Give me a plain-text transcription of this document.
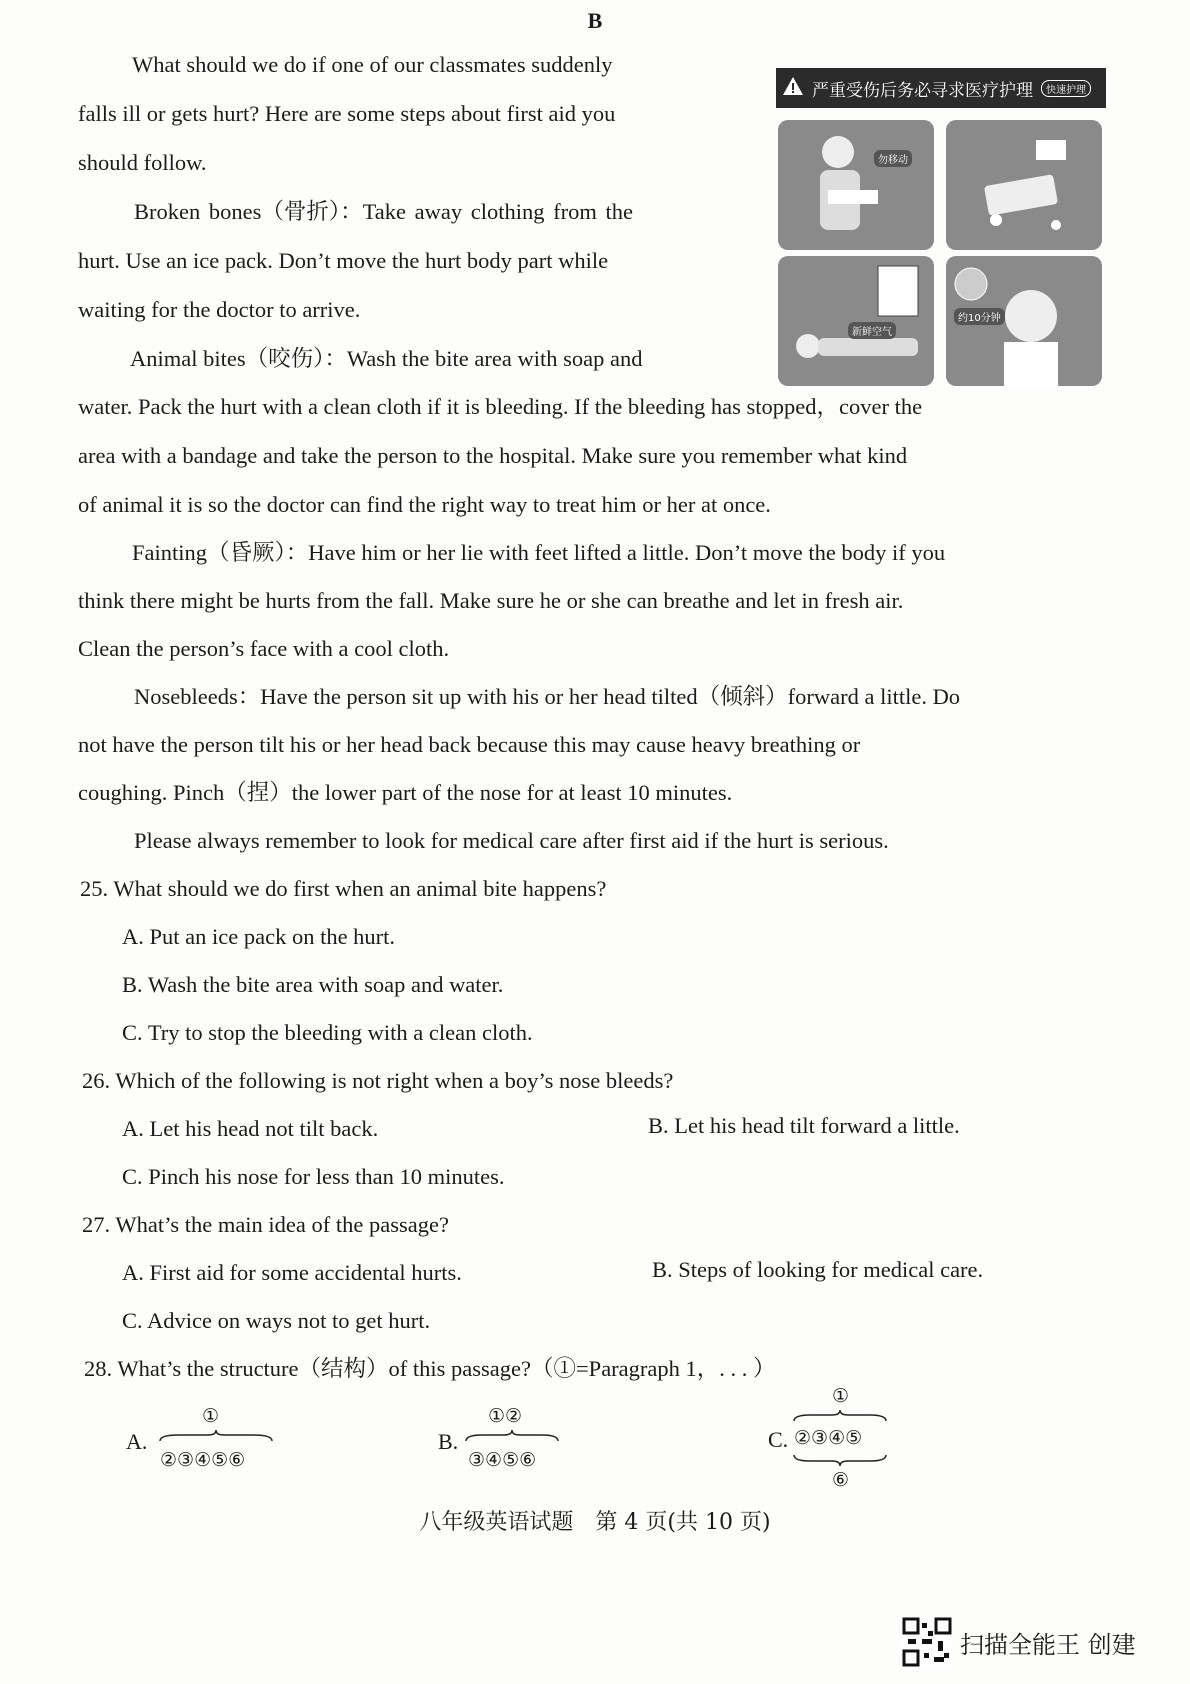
B
What should we do if one of our classmates suddenly
falls ill or gets hurt? Here are some steps about first aid you
should follow.
Broken bones（骨折）：Take away clothing from the
hurt. Use an ice pack. Don’t move the hurt body part while
waiting for the doctor to arrive.
Animal bites（咬伤）：Wash the bite area with soap and
严重受伤后务必寻求医疗护理	快速护理
勿移动
新鲜空气
约10分钟
water. Pack the hurt with a clean cloth if it is bleeding. If the bleeding has stopped，cover the
area with a bandage and take the person to the hospital. Make sure you remember what kind
of animal it is so the doctor can find the right way to treat him or her at once.
Fainting（昏厥）：Have him or her lie with feet lifted a little. Don’t move the body if you
think there might be hurts from the fall. Make sure he or she can breathe and let in fresh air.
Clean the person’s face with a cool cloth.
Nosebleeds：Have the person sit up with his or her head tilted（倾斜）forward a little. Do
not have the person tilt his or her head back because this may cause heavy breathing or
coughing. Pinch（捏）the lower part of the nose for at least 10 minutes.
Please always remember to look for medical care after first aid if the hurt is serious.
25. What should we do first when an animal bite happens?
A. Put an ice pack on the hurt.
B. Wash the bite area with soap and water.
C. Try to stop the bleeding with a clean cloth.
26. Which of the following is not right when a boy’s nose bleeds?
A. Let his head not tilt back.	B. Let his head tilt forward a little.
C. Pinch his nose for less than 10 minutes.
27. What’s the main idea of the passage?
A. First aid for some accidental hurts.	B. Steps of looking for medical care.
C. Advice on ways not to get hurt.
28. What’s the structure（结构）of this passage?（①=Paragraph 1，. . . ）
A.
①
②③④⑤⑥
B.
①②
③④⑤⑥
C.
①
②③④⑤
⑥
八年级英语试题　第 4 页(共 10 页)
扫描全能王 创建
